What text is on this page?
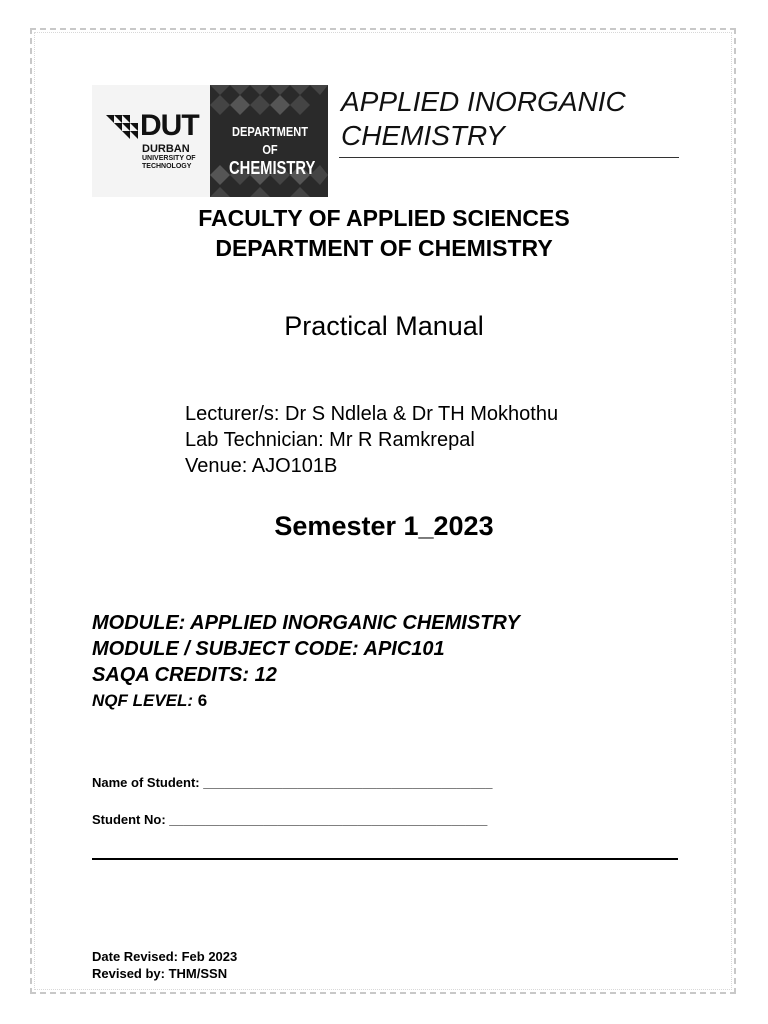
DUT
DURBAN
UNIVERSITY OF
TECHNOLOGY
DEPARTMENT OF
CHEMISTRY
APPLIED INORGANIC
CHEMISTRY
FACULTY OF APPLIED SCIENCES
DEPARTMENT OF CHEMISTRY
Practical Manual
Lecturer/s: Dr S Ndlela & Dr TH Mokhothu
Lab Technician: Mr R Ramkrepal
Venue: AJO101B
Semester 1_2023
MODULE: APPLIED INORGANIC CHEMISTRY
MODULE / SUBJECT CODE: APIC101
SAQA CREDITS: 12
NQF LEVEL: 6
Name of Student: ________________________________________
Student No: ____________________________________________
Date Revised: Feb 2023
Revised by: THM/SSN
